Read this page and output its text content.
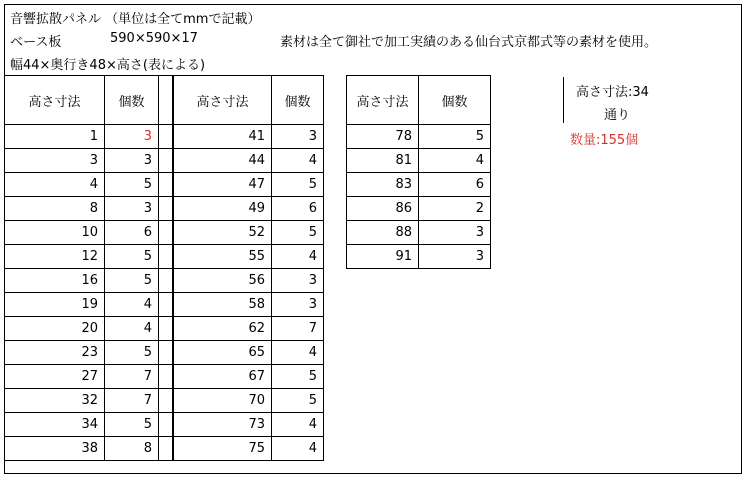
音響拡散パネル （単位は全てmmで記載）
ベース板	590×590×17	素材は全て御社で加工実績のある仙台式京都式等の素材を使用。
幅44×奥行き48×高さ(表による)
高さ寸法	個数	
1	3	
3	3	
4	5	
8	3	
10	6	
12	5	
16	5	
19	4	
20	4	
23	5	
27	7	
32	7	
34	5	
38	8	
高さ寸法	個数
41	3
44	4
47	5
49	6
52	5
55	4
56	3
58	3
62	7
65	4
67	5
70	5
73	4
75	4
高さ寸法	個数
78	5
81	4
83	6
86	2
88	3
91	3
高さ寸法:34
通り
数量:155個
